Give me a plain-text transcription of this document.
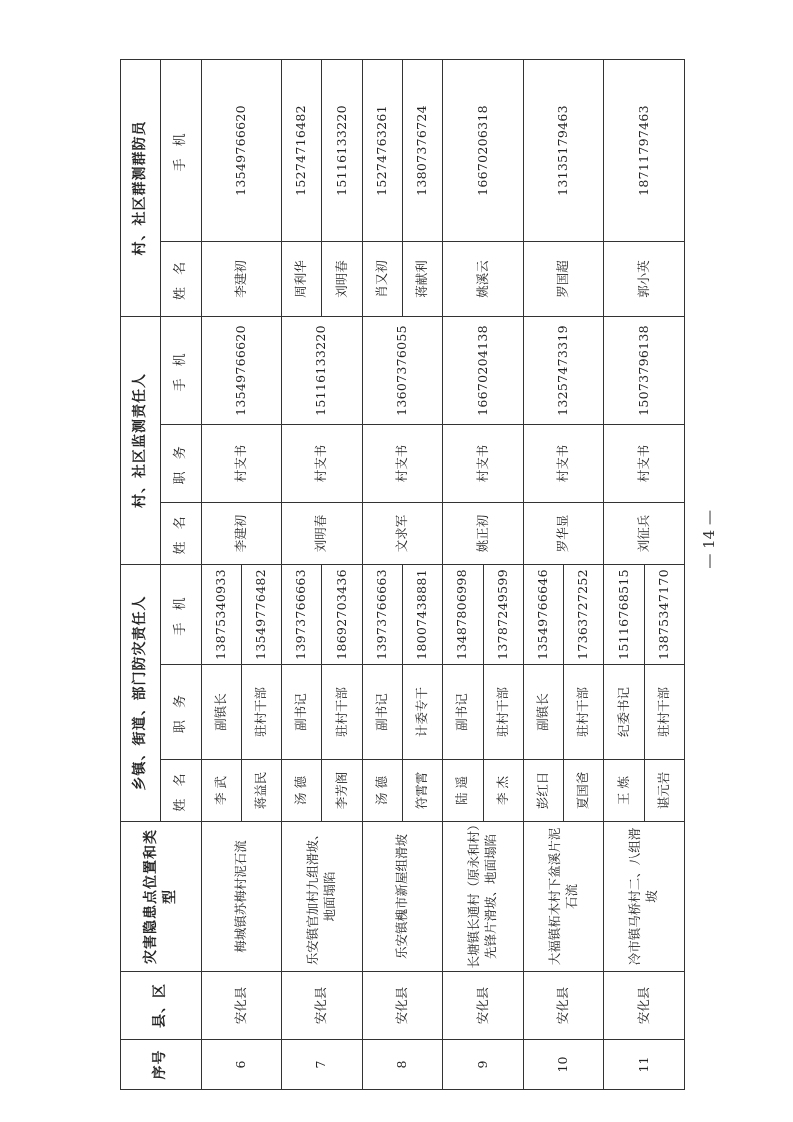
序号	县、区	灾害隐患点位置和类型	乡镇、街道、部门防灾责任人			村、社区监测责任人			村、社区群测群防员	
			姓 名	职 务	手 机	姓 名	职 务	手 机	姓 名	手 机
6	安化县	梅城镇苏梅村泥石流	李 武	副镇长	13875340933	李建初	村支书	13549766620	李建初	13549766620
			蒋益民	驻村干部	13549776482					
7	安化县	乐安镇官加村九组滑坡、地面塌陷	汤 德	副书记	13973766663	刘明春	村支书	15116133220	周利华	15274716482
			李芳阁	驻村干部	18692703436				刘明春	15116133220
8	安化县	乐安镇槐市新屋组滑坡	汤 德	副书记	13973766663	文求军	村支书	13607376055	肖又初	15274763261
			符霄霄	计委专干	18007438881				蒋献利	13807376724
9	安化县	长塘镇长通村（原永和村）先锋片滑坡、地面塌陷	陆 遥	副书记	13487806998	姚正初	村支书	16670204138	姚溪云	16670206318
			李 杰	驻村干部	13787249599					
10	安化县	大福镇柘木村下盆溪片泥石流	彭红日	副镇长	13549766646	罗华显	村支书	13257473319	罗国超	13135179463
			夏国爸	驻村干部	17363727252					
11	安化县	冷市镇马桥村二、八组滑坡	王 炼	纪委书记	15116768515	刘征兵	村支书	15073796138	郭小英	18711797463
			谌元岩	驻村干部	13875347170					
— 14 —
